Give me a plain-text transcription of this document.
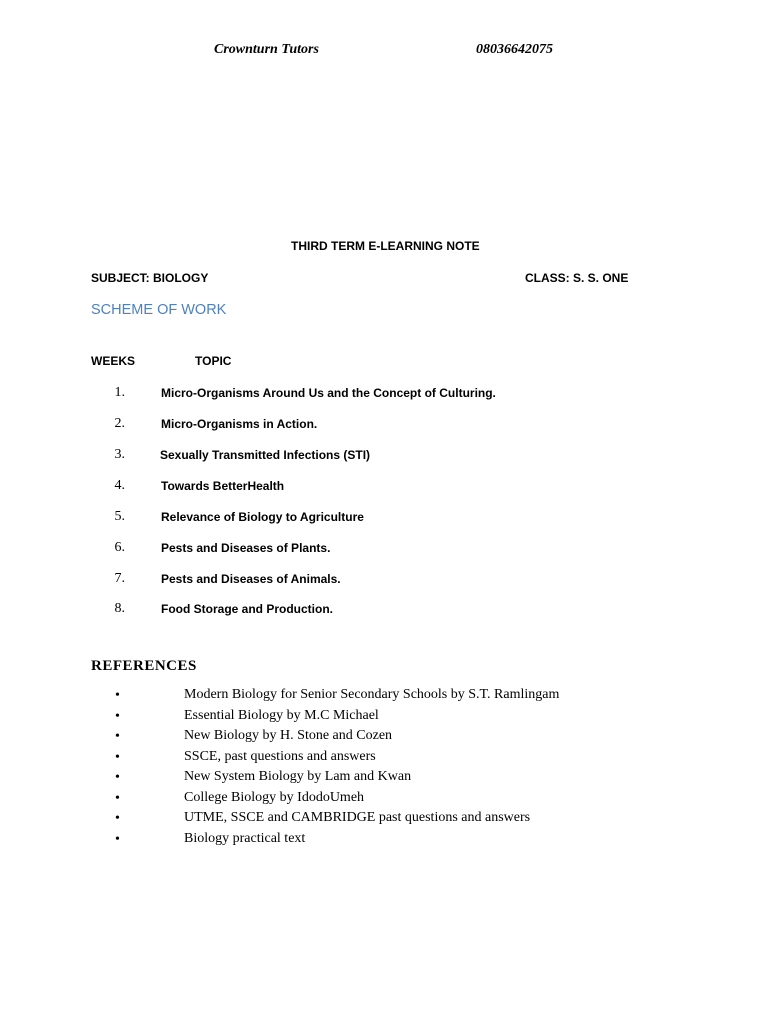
Crownturn Tutors	08036642075
THIRD TERM E-LEARNING NOTE
SUBJECT: BIOLOGY	CLASS: S. S. ONE
SCHEME OF WORK
WEEKS	TOPIC
1.	Micro-Organisms Around Us and the Concept of Culturing.
2.	Micro-Organisms in Action.
3.	Sexually Transmitted Infections (STI)
4.	Towards BetterHealth
5.	Relevance of Biology to Agriculture
6.	Pests and Diseases of Plants.
7.	Pests and Diseases of Animals.
8.	Food Storage and Production.
REFERENCES
•	Modern Biology for Senior Secondary Schools by S.T. Ramlingam
•	Essential Biology by M.C Michael
•	New Biology by H. Stone and Cozen
•	SSCE, past questions and answers
•	New System Biology by Lam and Kwan
•	College Biology by IdodoUmeh
•	UTME, SSCE and CAMBRIDGE past questions and answers
•	Biology practical text
